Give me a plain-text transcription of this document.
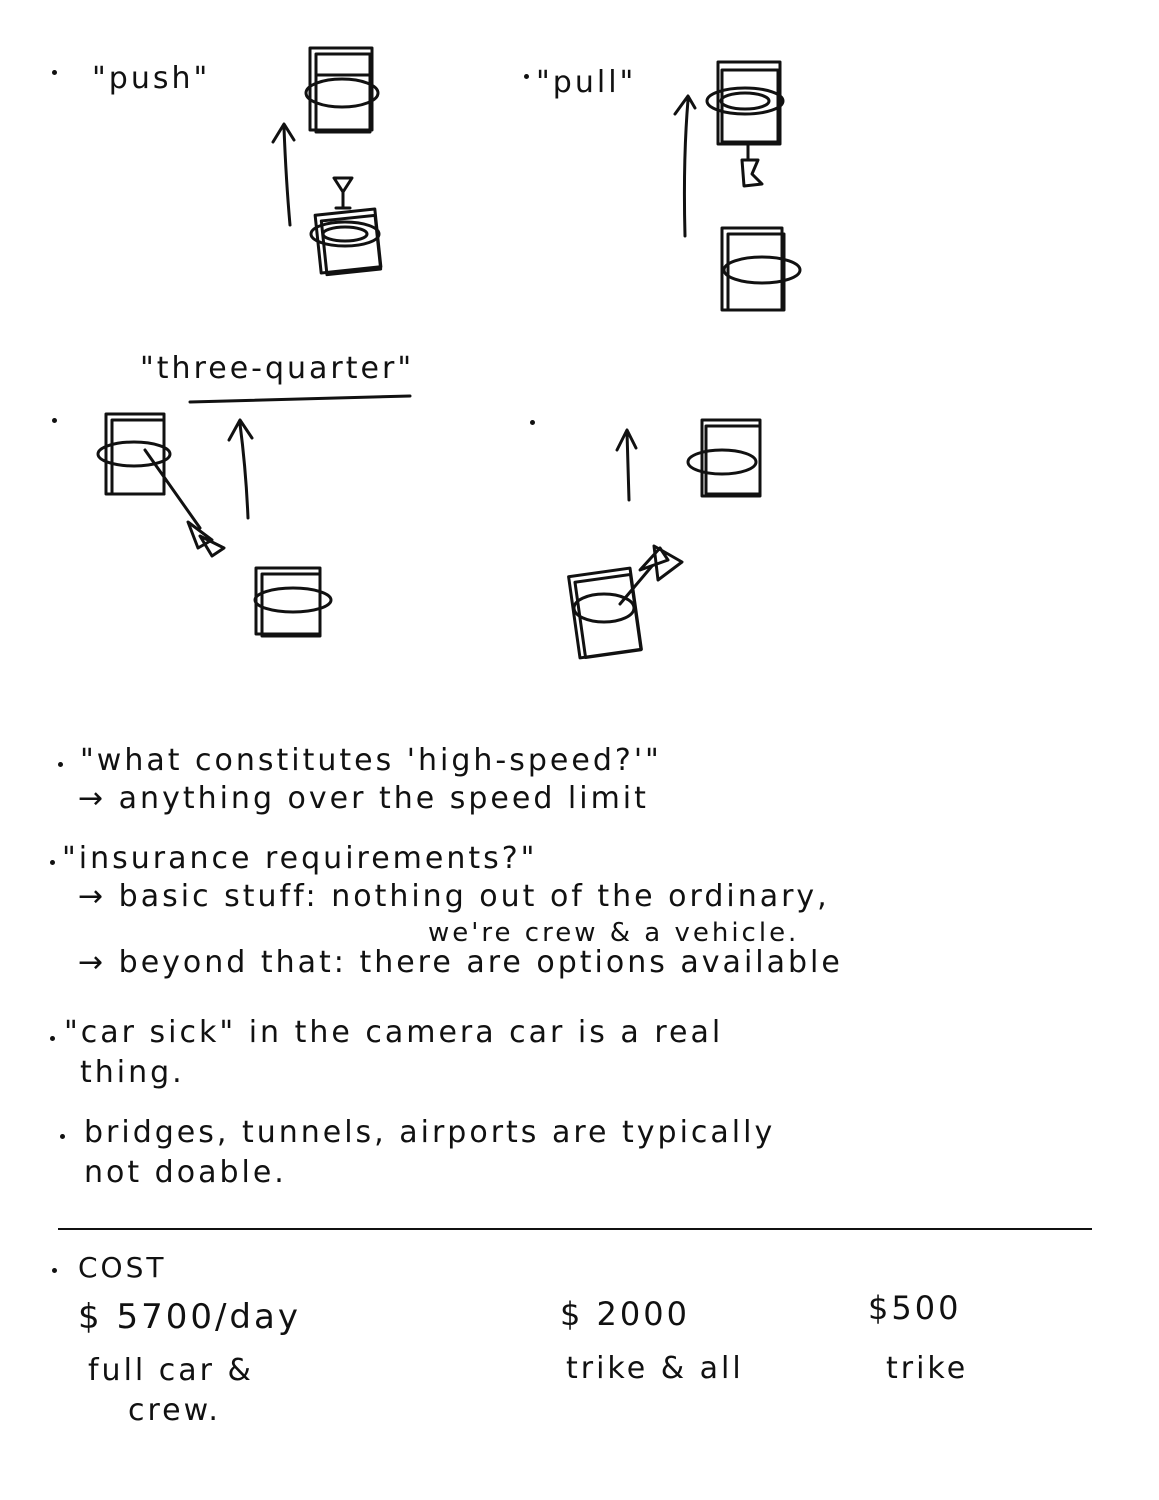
"push"	"pull"
"three-quarter"
"what constitutes 'high-speed?'"
→ anything over the speed limit
"insurance requirements?"
→ basic stuff: nothing out of the ordinary,
we're crew & a vehicle.
→ beyond that: there are options available
"car sick" in the camera car is a real
thing.
bridges, tunnels, airports are typically
not doable.
COST
$ 5700/day
full car &
crew.
$ 2000
trike & all
$500
trike
